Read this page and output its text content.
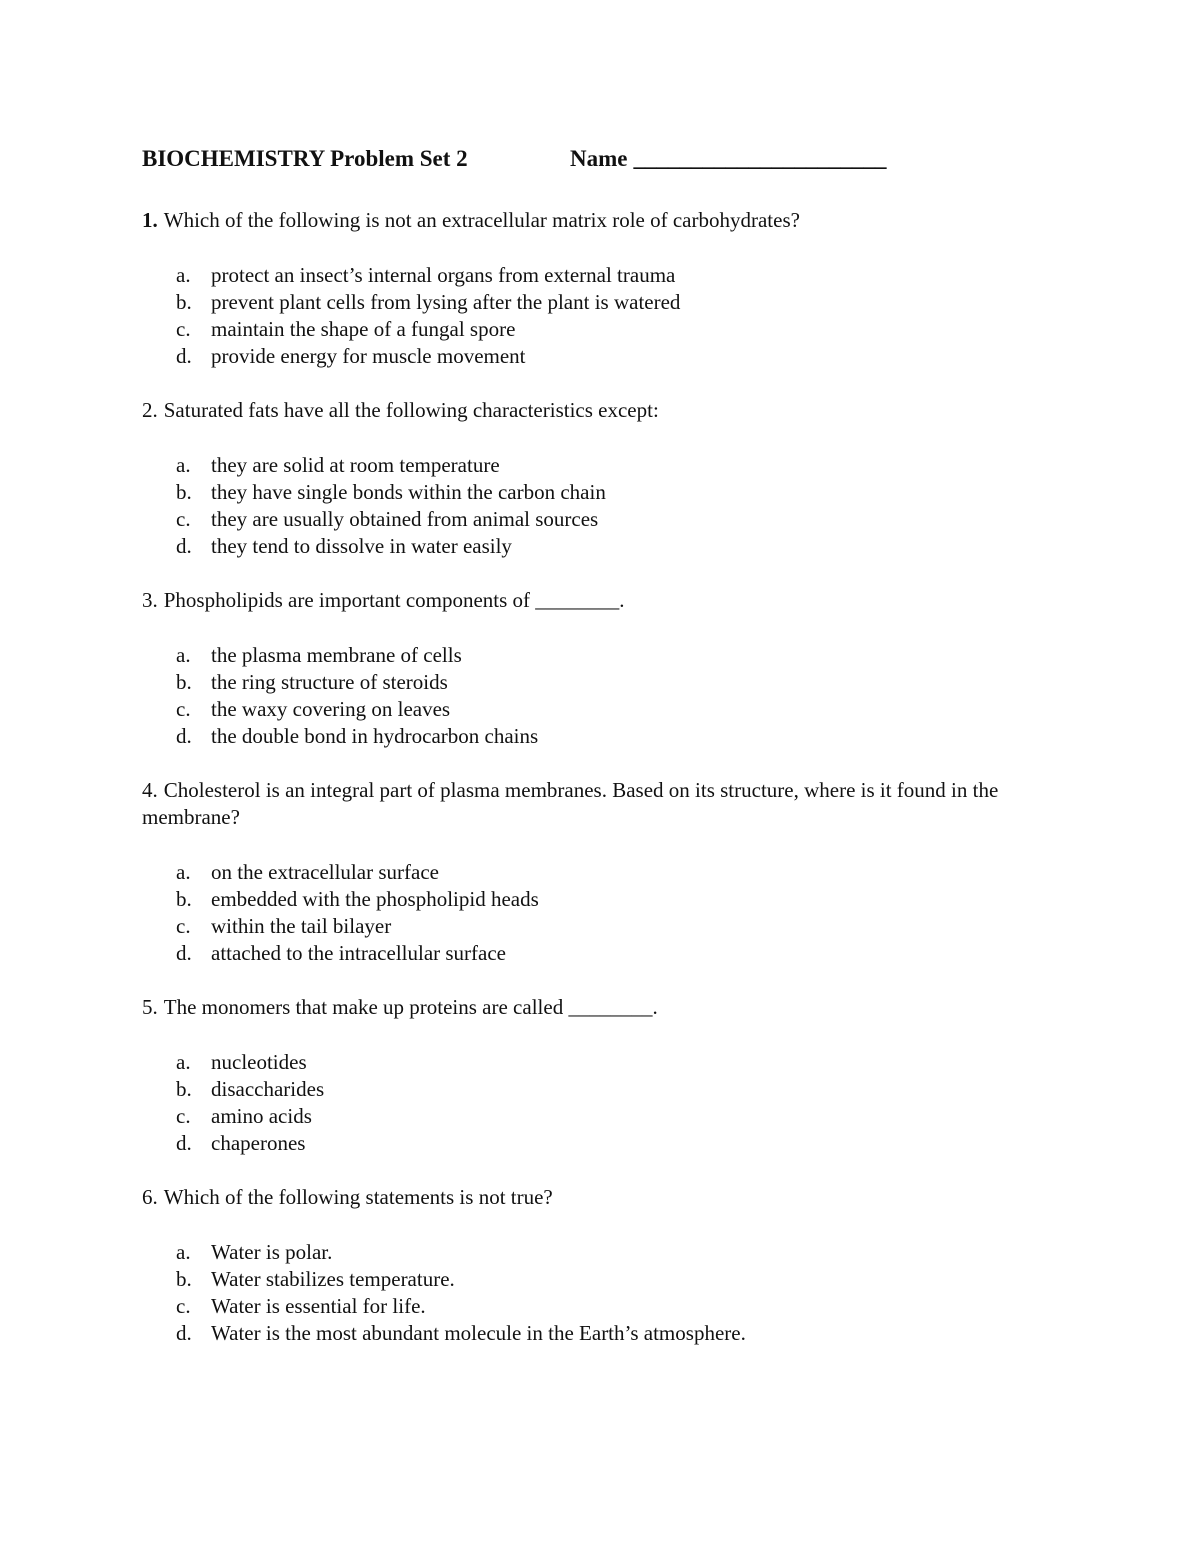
BIOCHEMISTRY Problem Set 2	Name ______________________

1. Which of the following is not an extracellular matrix role of carbohydrates?

a. protect an insect’s internal organs from external trauma
b. prevent plant cells from lysing after the plant is watered
c. maintain the shape of a fungal spore
d. provide energy for muscle movement

2. Saturated fats have all the following characteristics except:

a. they are solid at room temperature
b. they have single bonds within the carbon chain
c. they are usually obtained from animal sources
d. they tend to dissolve in water easily

3. Phospholipids are important components of ________.

a. the plasma membrane of cells
b. the ring structure of steroids
c. the waxy covering on leaves
d. the double bond in hydrocarbon chains

4. Cholesterol is an integral part of plasma membranes. Based on its structure, where is it found in the membrane?

a. on the extracellular surface
b. embedded with the phospholipid heads
c. within the tail bilayer
d. attached to the intracellular surface

5. The monomers that make up proteins are called ________.

a. nucleotides
b. disaccharides
c. amino acids
d. chaperones

6. Which of the following statements is not true?

a. Water is polar.
b. Water stabilizes temperature.
c. Water is essential for life.
d. Water is the most abundant molecule in the Earth’s atmosphere.
